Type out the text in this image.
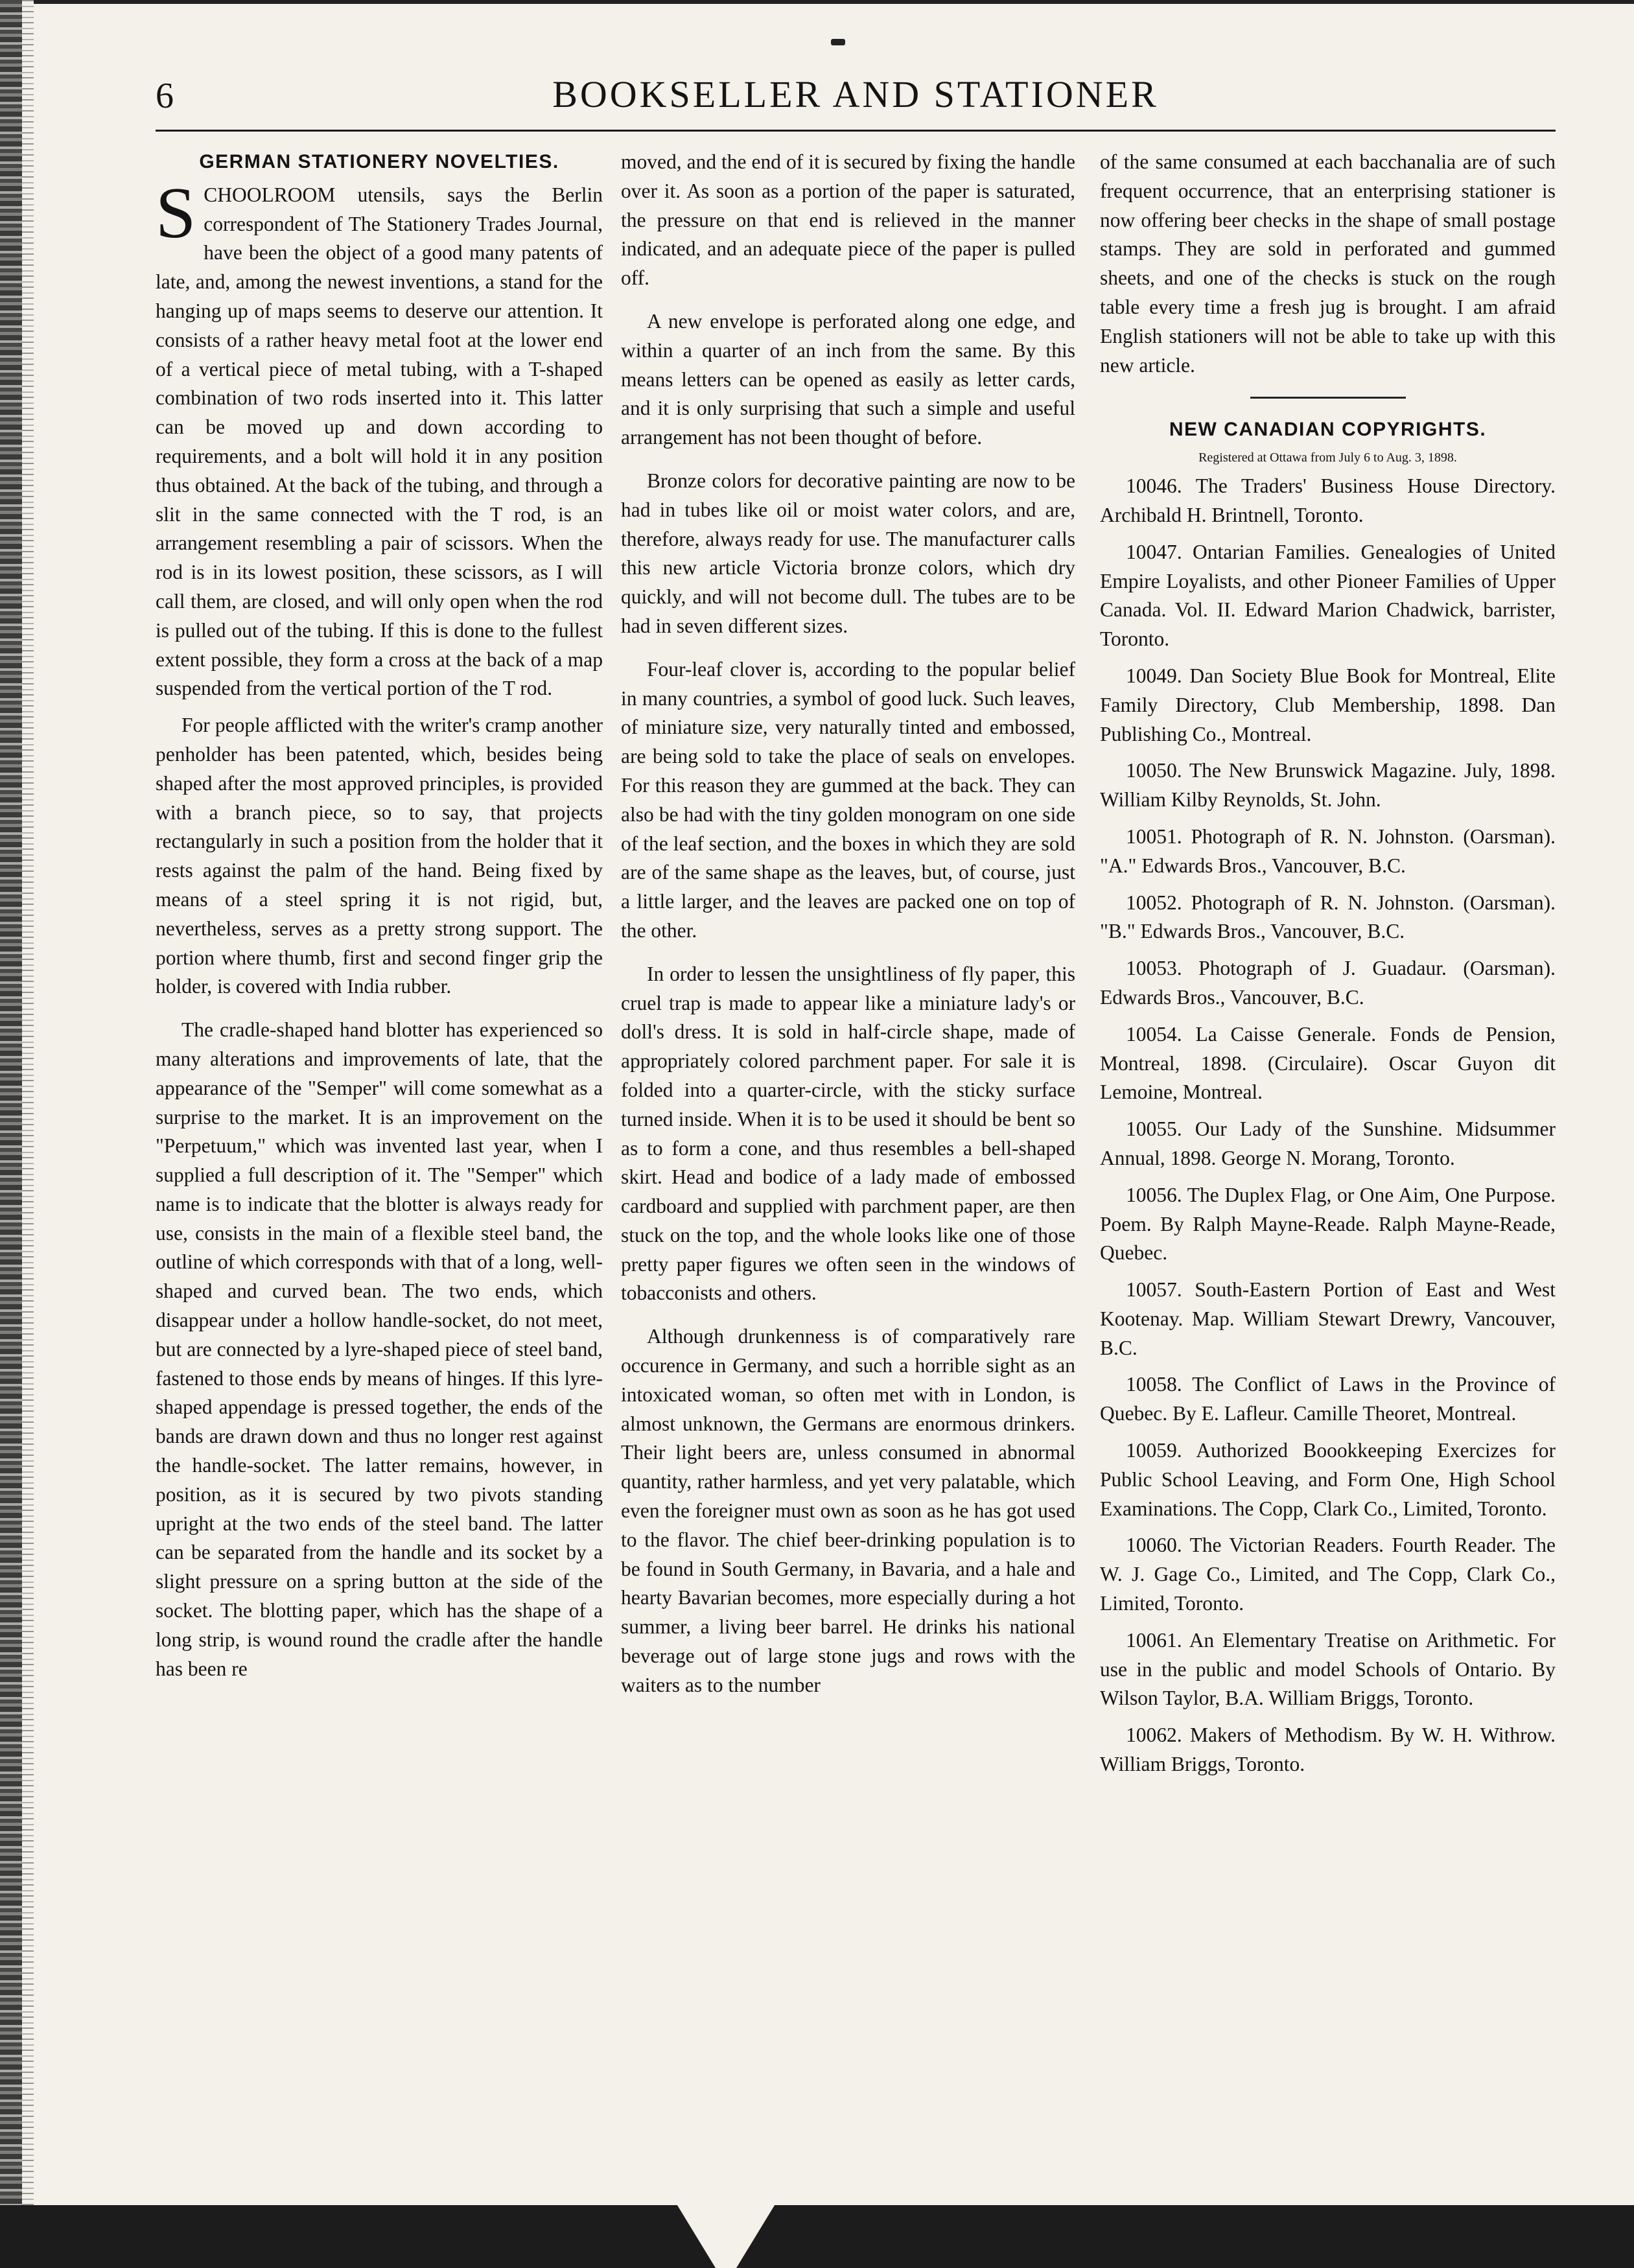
6	BOOKSELLER AND STATIONER
GERMAN STATIONERY NOVELTIES.

SCHOOLROOM utensils, says the Berlin correspondent of The Stationery Trades Journal, have been the object of a good many patents of late, and, among the newest inventions, a stand for the hanging up of maps seems to deserve our attention. It consists of a rather heavy metal foot at the lower end of a vertical piece of metal tubing, with a T-shaped combination of two rods inserted into it. This latter can be moved up and down according to requirements, and a bolt will hold it in any position thus obtained. At the back of the tubing, and through a slit in the same connected with the T rod, is an arrangement resembling a pair of scissors. When the rod is in its lowest position, these scissors, as I will call them, are closed, and will only open when the rod is pulled out of the tubing. If this is done to the fullest extent possible, they form a cross at the back of a map suspended from the vertical portion of the T rod.

For people afflicted with the writer's cramp another penholder has been patented, which, besides being shaped after the most approved principles, is provided with a branch piece, so to say, that projects rectangularly in such a position from the holder that it rests against the palm of the hand. Being fixed by means of a steel spring it is not rigid, but, nevertheless, serves as a pretty strong support. The portion where thumb, first and second finger grip the holder, is covered with India rubber.

The cradle-shaped hand blotter has experienced so many alterations and improvements of late, that the appearance of the "Semper" will come somewhat as a surprise to the market. It is an improvement on the "Perpetuum," which was invented last year, when I supplied a full description of it. The "Semper" which name is to indicate that the blotter is always ready for use, consists in the main of a flexible steel band, the outline of which corresponds with that of a long, well-shaped and curved bean. The two ends, which disappear under a hollow handle-socket, do not meet, but are connected by a lyre-shaped piece of steel band, fastened to those ends by means of hinges. If this lyre-shaped appendage is pressed together, the ends of the bands are drawn down and thus no longer rest against the handle-socket. The latter remains, however, in position, as it is secured by two pivots standing upright at the two ends of the steel band. The latter can be separated from the handle and its socket by a slight pressure on a spring button at the side of the socket. The blotting paper, which has the shape of a long strip, is wound round the cradle after the handle has been re

moved, and the end of it is secured by fixing the handle over it. As soon as a portion of the paper is saturated, the pressure on that end is relieved in the manner indicated, and an adequate piece of the paper is pulled off.

A new envelope is perforated along one edge, and within a quarter of an inch from the same. By this means letters can be opened as easily as letter cards, and it is only surprising that such a simple and useful arrangement has not been thought of before.

Bronze colors for decorative painting are now to be had in tubes like oil or moist water colors, and are, therefore, always ready for use. The manufacturer calls this new article Victoria bronze colors, which dry quickly, and will not become dull. The tubes are to be had in seven different sizes.

Four-leaf clover is, according to the popular belief in many countries, a symbol of good luck. Such leaves, of miniature size, very naturally tinted and embossed, are being sold to take the place of seals on envelopes. For this reason they are gummed at the back. They can also be had with the tiny golden monogram on one side of the leaf section, and the boxes in which they are sold are of the same shape as the leaves, but, of course, just a little larger, and the leaves are packed one on top of the other.

In order to lessen the unsightliness of fly paper, this cruel trap is made to appear like a miniature lady's or doll's dress. It is sold in half-circle shape, made of appropriately colored parchment paper. For sale it is folded into a quarter-circle, with the sticky surface turned inside. When it is to be used it should be bent so as to form a cone, and thus resembles a bell-shaped skirt. Head and bodice of a lady made of embossed cardboard and supplied with parchment paper, are then stuck on the top, and the whole looks like one of those pretty paper figures we often seen in the windows of tobacconists and others.

Although drunkenness is of comparatively rare occurence in Germany, and such a horrible sight as an intoxicated woman, so often met with in London, is almost unknown, the Germans are enormous drinkers. Their light beers are, unless consumed in abnormal quantity, rather harmless, and yet very palatable, which even the foreigner must own as soon as he has got used to the flavor. The chief beer-drinking population is to be found in South Germany, in Bavaria, and a hale and hearty Bavarian becomes, more especially during a hot summer, a living beer barrel. He drinks his national beverage out of large stone jugs and rows with the waiters as to the number

of the same consumed at each bacchanalia are of such frequent occurrence, that an enterprising stationer is now offering beer checks in the shape of small postage stamps. They are sold in perforated and gummed sheets, and one of the checks is stuck on the rough table every time a fresh jug is brought. I am afraid English stationers will not be able to take up with this new article.

NEW CANADIAN COPYRIGHTS.
Registered at Ottawa from July 6 to Aug. 3, 1898.

10046. The Traders' Business House Directory. Archibald H. Brintnell, Toronto.

10047. Ontarian Families. Genealogies of United Empire Loyalists, and other Pioneer Families of Upper Canada. Vol. II. Edward Marion Chadwick, barrister, Toronto.

10049. Dan Society Blue Book for Montreal, Elite Family Directory, Club Membership, 1898. Dan Publishing Co., Montreal.

10050. The New Brunswick Magazine. July, 1898. William Kilby Reynolds, St. John.

10051. Photograph of R. N. Johnston. (Oarsman). "A." Edwards Bros., Vancouver, B.C.

10052. Photograph of R. N. Johnston. (Oarsman). "B." Edwards Bros., Vancouver, B.C.

10053. Photograph of J. Guadaur. (Oarsman). Edwards Bros., Vancouver, B.C.

10054. La Caisse Generale. Fonds de Pension, Montreal, 1898. (Circulaire). Oscar Guyon dit Lemoine, Montreal.

10055. Our Lady of the Sunshine. Midsummer Annual, 1898. George N. Morang, Toronto.

10056. The Duplex Flag, or One Aim, One Purpose. Poem. By Ralph Mayne-Reade. Ralph Mayne-Reade, Quebec.

10057. South-Eastern Portion of East and West Kootenay. Map. William Stewart Drewry, Vancouver, B.C.

10058. The Conflict of Laws in the Province of Quebec. By E. Lafleur. Camille Theoret, Montreal.

10059. Authorized Boookkeeping Exercizes for Public School Leaving, and Form One, High School Examinations. The Copp, Clark Co., Limited, Toronto.

10060. The Victorian Readers. Fourth Reader. The W. J. Gage Co., Limited, and The Copp, Clark Co., Limited, Toronto.

10061. An Elementary Treatise on Arithmetic. For use in the public and model Schools of Ontario. By Wilson Taylor, B.A. William Briggs, Toronto.

10062. Makers of Methodism. By W. H. Withrow. William Briggs, Toronto.
